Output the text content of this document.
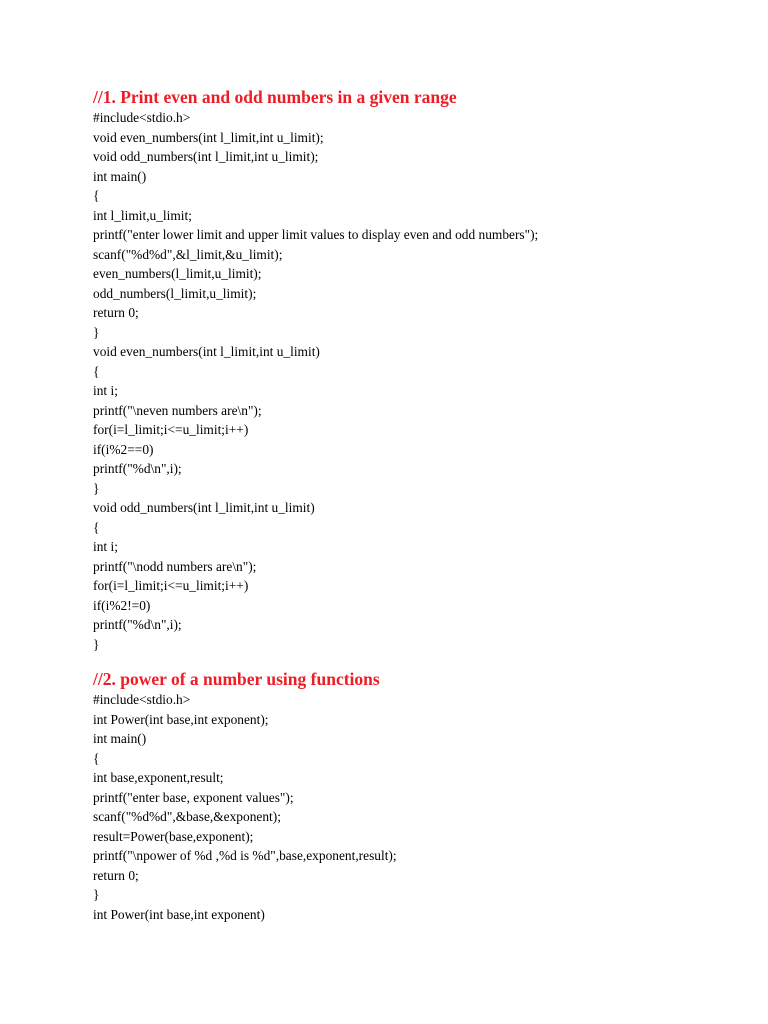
//1. Print even and odd numbers in a given range
#include<stdio.h>
void even_numbers(int l_limit,int u_limit);
void odd_numbers(int l_limit,int u_limit);
int main()
{
int l_limit,u_limit;
printf("enter lower limit and upper limit values to display even and odd numbers");
scanf("%d%d",&l_limit,&u_limit);
even_numbers(l_limit,u_limit);
odd_numbers(l_limit,u_limit);
return 0;
}
void even_numbers(int l_limit,int u_limit)
{
int i;
printf("\neven numbers are\n");
for(i=l_limit;i<=u_limit;i++)
if(i%2==0)
printf("%d\n",i);
}
void odd_numbers(int l_limit,int u_limit)
{
int i;
printf("\nodd numbers are\n");
for(i=l_limit;i<=u_limit;i++)
if(i%2!=0)
printf("%d\n",i);
}
//2. power of a number using functions
#include<stdio.h>
int Power(int base,int exponent);
int main()
{
int base,exponent,result;
printf("enter base, exponent values");
scanf("%d%d",&base,&exponent);
result=Power(base,exponent);
printf("\npower of %d ,%d is %d",base,exponent,result);
return 0;
}
int Power(int base,int exponent)
